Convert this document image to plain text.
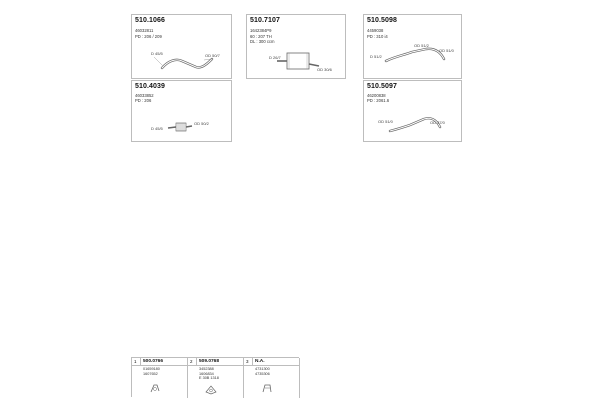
510.1066
46032811
PD : 206 / 209
D 45/5	OD 50/7
510.7107
1642384P9
60 : 207 TH
DL : 300 ccm
D 26/7
OD 30/6
510.5098
4459038
PD : 310 i4
D 51/2
OD 51/2
OD 51/0
510.4039
46033852
PD : 206
OD 50/2
D 45/5
510.5097
46200838
PD : 2061.6
OD 51/0	OD 37/0
1 500.0766
01659180
1607652
2 509.0768
3452388
1606834
E 30B 1318
3 N.A.
4731300
4735306
